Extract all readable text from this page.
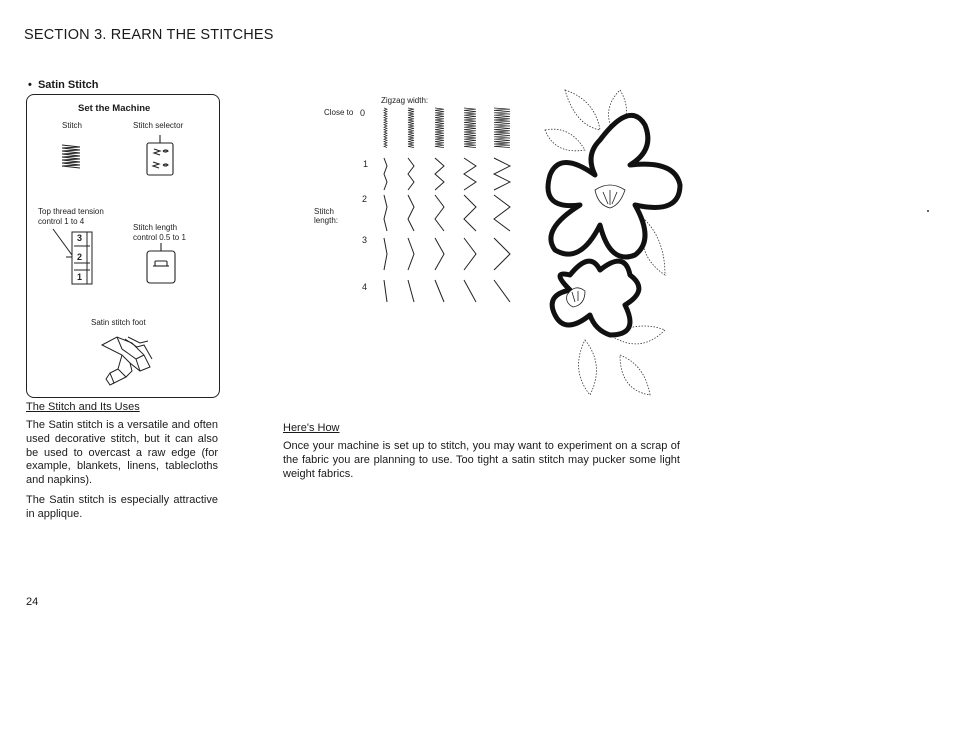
SECTION 3. REARN THE STITCHES
•  Satin Stitch
Set the Machine
Stitch	Stitch selector
Top thread tension
control 1 to 4
Stitch length
control 0.5 to 1
3
2
1
Satin stitch foot
The Stitch and Its Uses
The Satin stitch is a versatile and often used decorative stitch, but it can also be used to overcast a raw edge (for example, blankets, linens, tablecloths and napkins).
The Satin stitch is especially attractive in applique.
24
Zigzag width:
Close to 0
1
2
3
4
Stitch
length:
Here's How
Once your machine is set up to stitch, you may want to experiment on a scrap of the fabric you are planning to use. Too tight a satin stitch may pucker some light weight fabrics.
